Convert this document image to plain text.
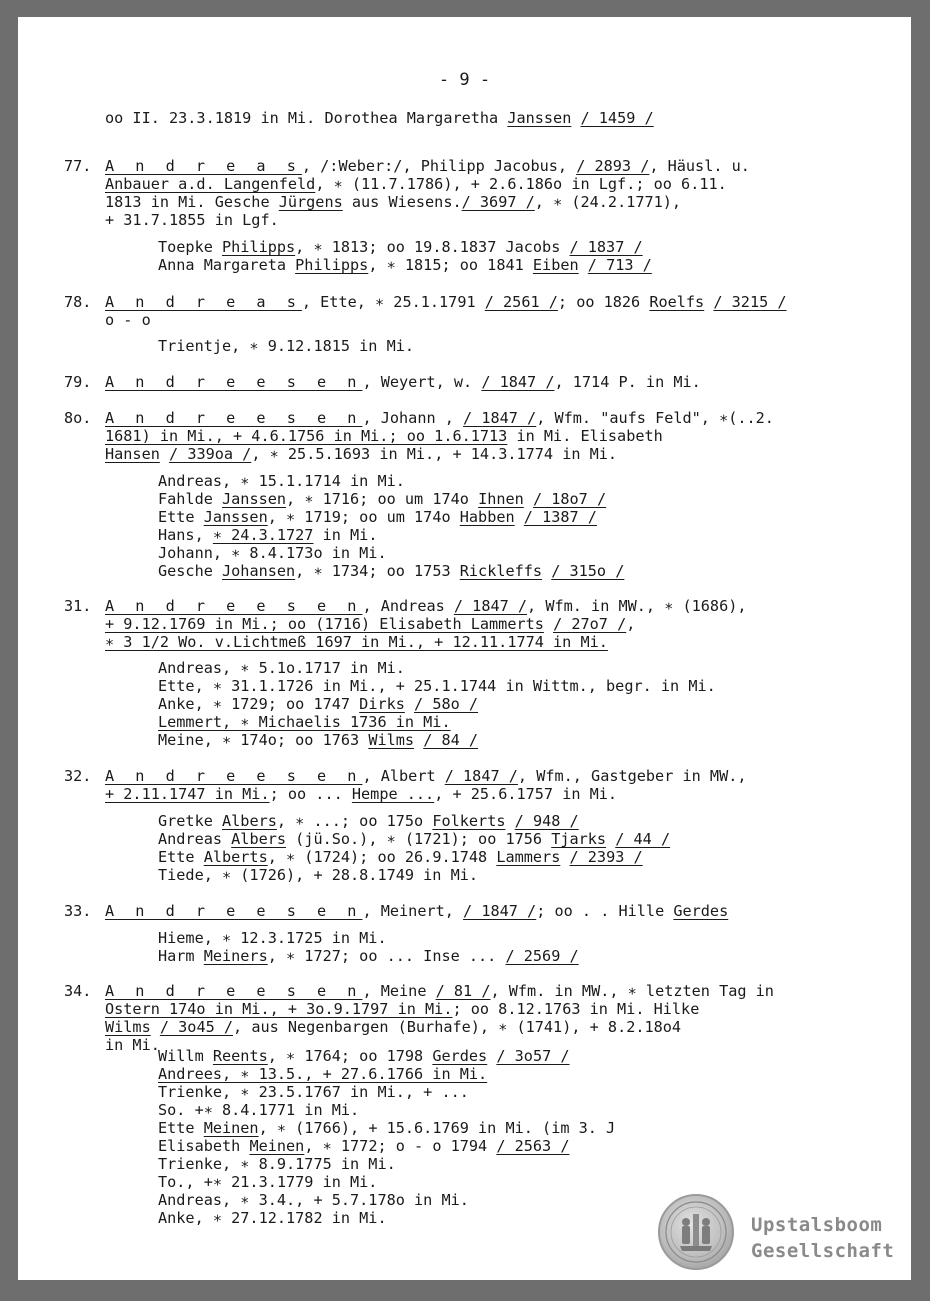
- 9 -
oo II. 23.3.1819 in Mi. Dorothea Margaretha Janssen / 1459 /
A n d r e a s, /:Weber:/, Philipp Jacobus, / 2893 /, Häusl. u.
Anbauer a.d. Langenfeld, ∗ (11.7.1786), + 2.6.186o in Lgf.; oo 6.11.
1813 in Mi. Gesche Jürgens aus Wiesens./ 3697 /, ∗ (24.2.1771),
+ 31.7.1855 in Lgf.
Toepke Philipps, ∗ 1813; oo 19.8.1837 Jacobs / 1837 /
Anna Margareta Philipps, ∗ 1815; oo 1841 Eiben / 713 /
A n d r e a s, Ette, ∗ 25.1.1791 / 2561 /; oo 1826 Roelfs / 3215 /
o - o
Trientje, ∗ 9.12.1815 in Mi.
A n d r e e s e n, Weyert, w. / 1847 /, 1714 P. in Mi.
A n d r e e s e n, Johann , / 1847 /, Wfm. "aufs Feld", ∗(..2.
1681) in Mi., + 4.6.1756 in Mi.; oo 1.6.1713 in Mi. Elisabeth
Hansen / 339oa /, ∗ 25.5.1693 in Mi., + 14.3.1774 in Mi.
Andreas, ∗ 15.1.1714 in Mi.
Fahlde Janssen, ∗ 1716; oo um 174o Ihnen / 18o7 /
Ette Janssen, ∗ 1719; oo um 174o Habben / 1387 /
Hans, ∗ 24.3.1727 in Mi.
Johann, ∗ 8.4.173o in Mi.
Gesche Johansen, ∗ 1734; oo 1753 Rickleffs / 315o /
A n d r e e s e n, Andreas / 1847 /, Wfm. in MW., ∗ (1686),
+ 9.12.1769 in Mi.; oo (1716) Elisabeth Lammerts / 27o7 /,
∗ 3 1/2 Wo. v.Lichtmeß 1697 in Mi., + 12.11.1774 in Mi.
Andreas, ∗ 5.1o.1717 in Mi.
Ette, ∗ 31.1.1726 in Mi., + 25.1.1744 in Wittm., begr. in Mi.
Anke, ∗ 1729; oo 1747 Dirks / 58o /
Lemmert, ∗ Michaelis 1736 in Mi.
Meine, ∗ 174o; oo 1763 Wilms / 84 /
A n d r e e s e n, Albert / 1847 /, Wfm., Gastgeber in MW.,
+ 2.11.1747 in Mi.; oo ... Hempe ..., + 25.6.1757 in Mi.
Gretke Albers, ∗ ...; oo 175o Folkerts / 948 /
Andreas Albers (jü.So.), ∗ (1721); oo 1756 Tjarks / 44 /
Ette Alberts, ∗ (1724); oo 26.9.1748 Lammers / 2393 /
Tiede, ∗ (1726), + 28.8.1749 in Mi.
A n d r e e s e n, Meinert, / 1847 /; oo . . Hille Gerdes
Hieme, ∗ 12.3.1725 in Mi.
Harm Meiners, ∗ 1727; oo ... Inse ... / 2569 /
A n d r e e s e n, Meine / 81 /, Wfm. in MW., ∗ letzten Tag in
Ostern 174o in Mi., + 3o.9.1797 in Mi.; oo 8.12.1763 in Mi. Hilke
Wilms / 3o45 /, aus Negenbargen (Burhafe), ∗ (1741), + 8.2.18o4
in Mi.
Willm Reents, ∗ 1764; oo 1798 Gerdes / 3o57 /
Andrees, ∗ 13.5., + 27.6.1766 in Mi.
Trienke, ∗ 23.5.1767 in Mi., + ...
So. +∗ 8.4.1771 in Mi.
Ette Meinen, ∗ (1766), + 15.6.1769 in Mi. (im 3. J
Elisabeth Meinen, ∗ 1772; o - o 1794 / 2563 /
Trienke, ∗ 8.9.1775 in Mi.
To., +∗ 21.3.1779 in Mi.
Andreas, ∗ 3.4., + 5.7.178o in Mi.
Anke, ∗ 27.12.1782 in Mi.
77.
78.
79.
8o.
31.
32.
33.
34.
Upstalsboom
Gesellschaft
